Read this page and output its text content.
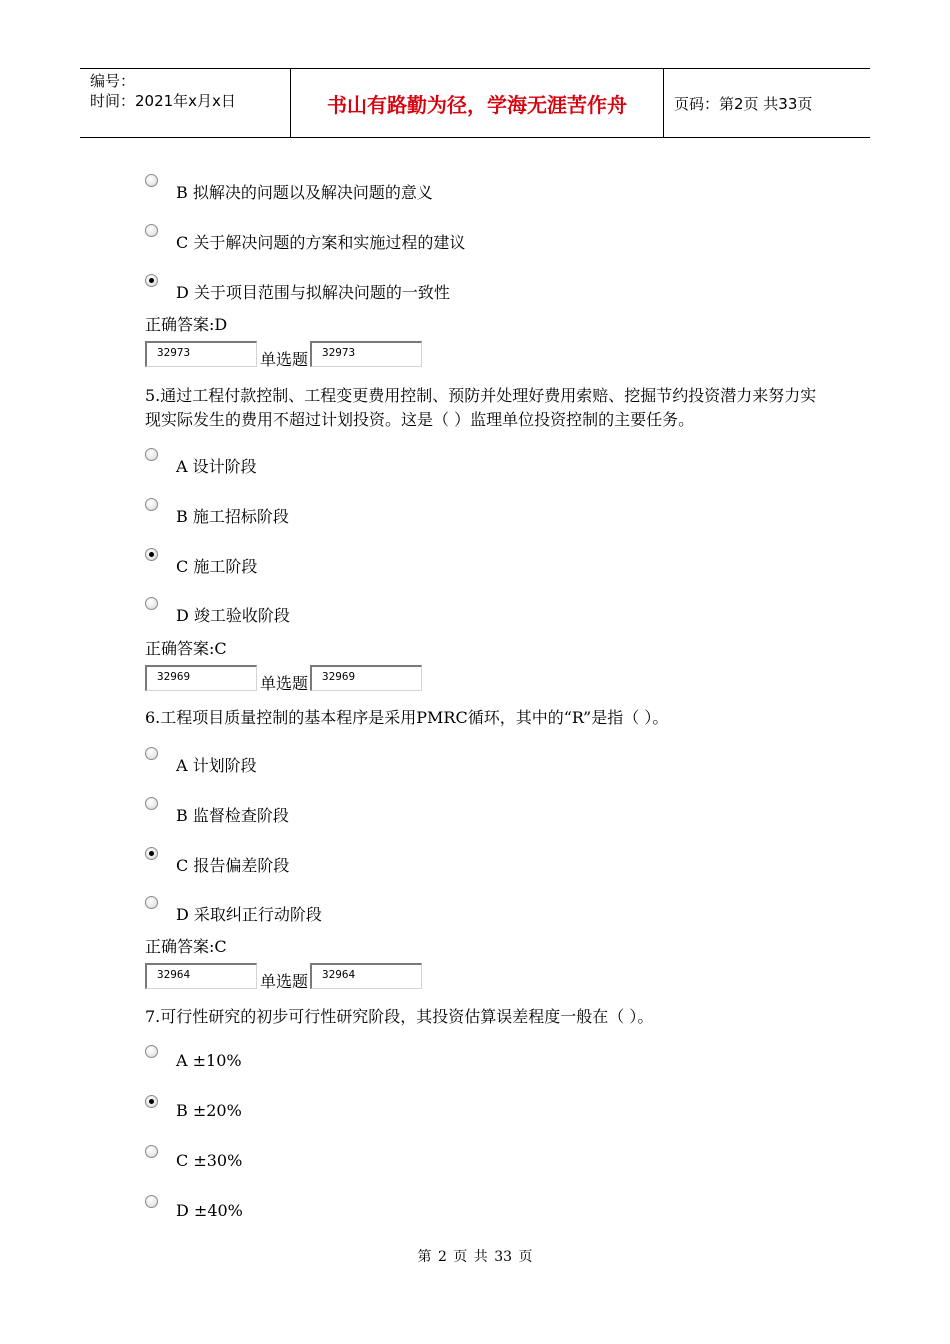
编号：
时间：2021年x月x日	书山有路勤为径，学海无涯苦作舟	页码：第2页 共33页
B 拟解决的问题以及解决问题的意义
C 关于解决问题的方案和实施过程的建议
D 关于项目范围与拟解决问题的一致性
正确答案:D
32973	单选题	32973
5.通过工程付款控制、工程变更费用控制、预防并处理好费用索赔、挖掘节约投资潜力来努力实现实际发生的费用不超过计划投资。这是（ ）监理单位投资控制的主要任务。
A 设计阶段
B 施工招标阶段
C 施工阶段
D 竣工验收阶段
正确答案:C
32969	单选题	32969
6.工程项目质量控制的基本程序是采用PMRC循环，其中的“R”是指（ ）。
A 计划阶段
B 监督检查阶段
C 报告偏差阶段
D 采取纠正行动阶段
正确答案:C
32964	单选题	32964
7.可行性研究的初步可行性研究阶段，其投资估算误差程度一般在（ ）。
A ±10%
B ±20%
C ±30%
D ±40%
第 2 页 共 33 页
